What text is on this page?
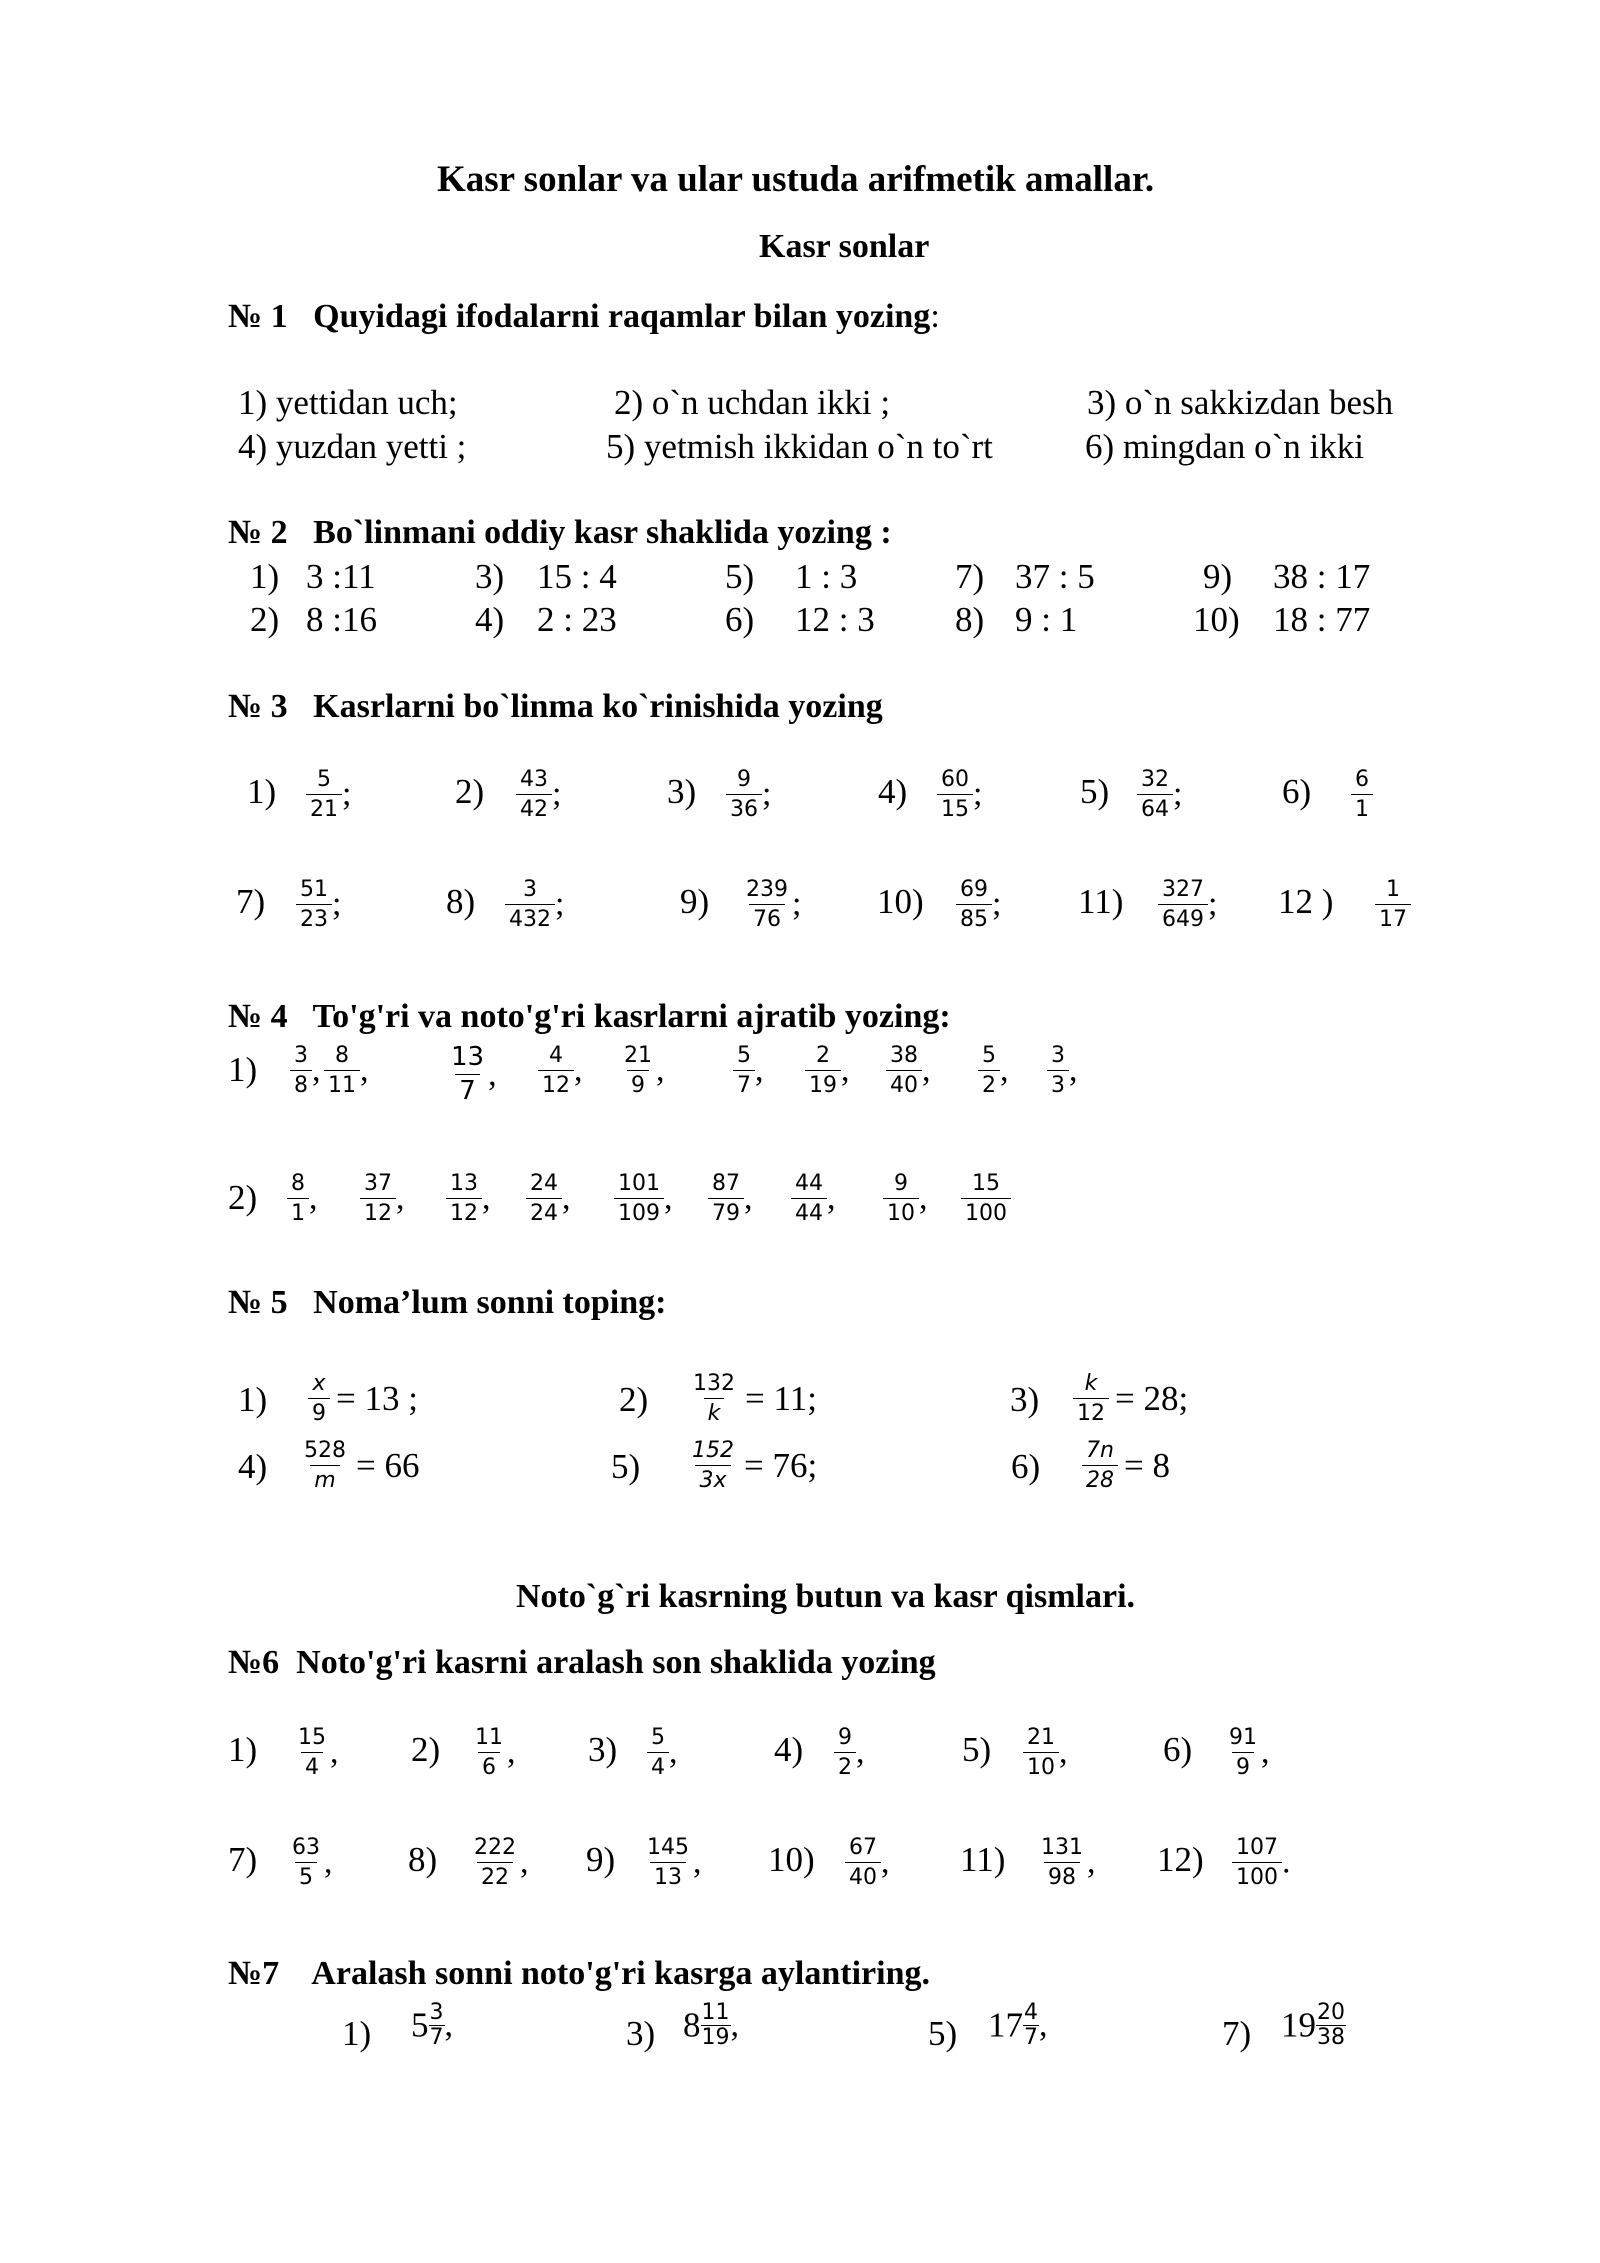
Kasr sonlar va ular ustuda arifmetik amallar.
Kasr sonlar
№ 1 Quyidagi ifodalarni raqamlar bilan yozing:
1) yettidan uch;	2) o`n uchdan ikki ;	3) o`n sakkizdan besh
4) yuzdan yetti ;	5) yetmish ikkidan o`n to`rt	6) mingdan o`n ikki
№ 2 Bo`linmani oddiy kasr shaklida yozing :
1) 3 :11	3) 15 : 4	5) 1 : 3	7) 37 : 5	9) 38 : 17
2) 8 :16	4) 2 : 23	6) 12 : 3 8) 9 : 1	10) 18 : 77
№ 3 Kasrlarni bo`linma ko`rinishida yozing
$1) \frac{5}{21}$ ;	$2) \frac{43}{42}$ ;	$3) \frac{9}{36}$ ;	$4) \frac{60}{15}$ ;	$5) \frac{32}{64}$ ;	$6) \frac{6}{1}$
$7) \frac{51}{23}$ ;	$8) \frac{3}{432}$ ;	$9) \frac{239}{76}$ ; $10) \frac{69}{85}$ ; $11) \frac{327}{649}$ ; 12 ) $\frac{1}{17}$
№ 4 To'g'ri va noto'g'ri kasrlarni ajratib yozing:
$1) \frac{3}{8}$ , $\frac{8}{11}$ ,	$\frac{13}{7}$ , $\frac{4}{12}$ , $\frac{21}{9}$ ,	$\frac{5}{7}$ , $\frac{2}{19}$ , $\frac{38}{40}$ , $\frac{5}{2}$ , $\frac{3}{3}$ ,
$2) \frac{8}{1}$ , $\frac{37}{12}$ , $\frac{13}{12}$ , $\frac{24}{24}$ , $\frac{101}{109}$ , $\frac{87}{79}$ , $\frac{44}{44}$ , $\frac{9}{10}$ , $\frac{15}{100}$
№ 5 Noma’lum sonni toping:
$1) \frac{x}{9} = 13$ ;	$2) \frac{132}{k} = 11$;	$3) \frac{k}{12} = 28$;
$4) \frac{528}{m} = 66$	$5) \frac{152}{3x} = 76$;	$6) \frac{7n}{28} = 8$
Noto`g`ri kasrning butun va kasr qismlari.
№6 Noto'g'ri kasrni aralash son shaklida yozing
$1) \frac{15}{4}$ , $2) \frac{11}{6}$ , $3) \frac{5}{4}$ ,	$4) \frac{9}{2}$ ,	$5) \frac{21}{10}$ ,	$6) \frac{91}{9}$ ,
$7) \frac{63}{5}$ , $8) \frac{222}{22}$ , $9) \frac{145}{13}$ , $10) \frac{67}{40}$ , $11) \frac{131}{98}$ , $12) \frac{107}{100}$ .
№7 Aralash sonni noto'g'ri kasrga aylantiring.
1) $5 \frac{3}{7}$ ,	3) $8 \frac{11}{19}$ ,	5) $17 \frac{4}{7}$ ,	7) $19 \frac{20}{38}$
